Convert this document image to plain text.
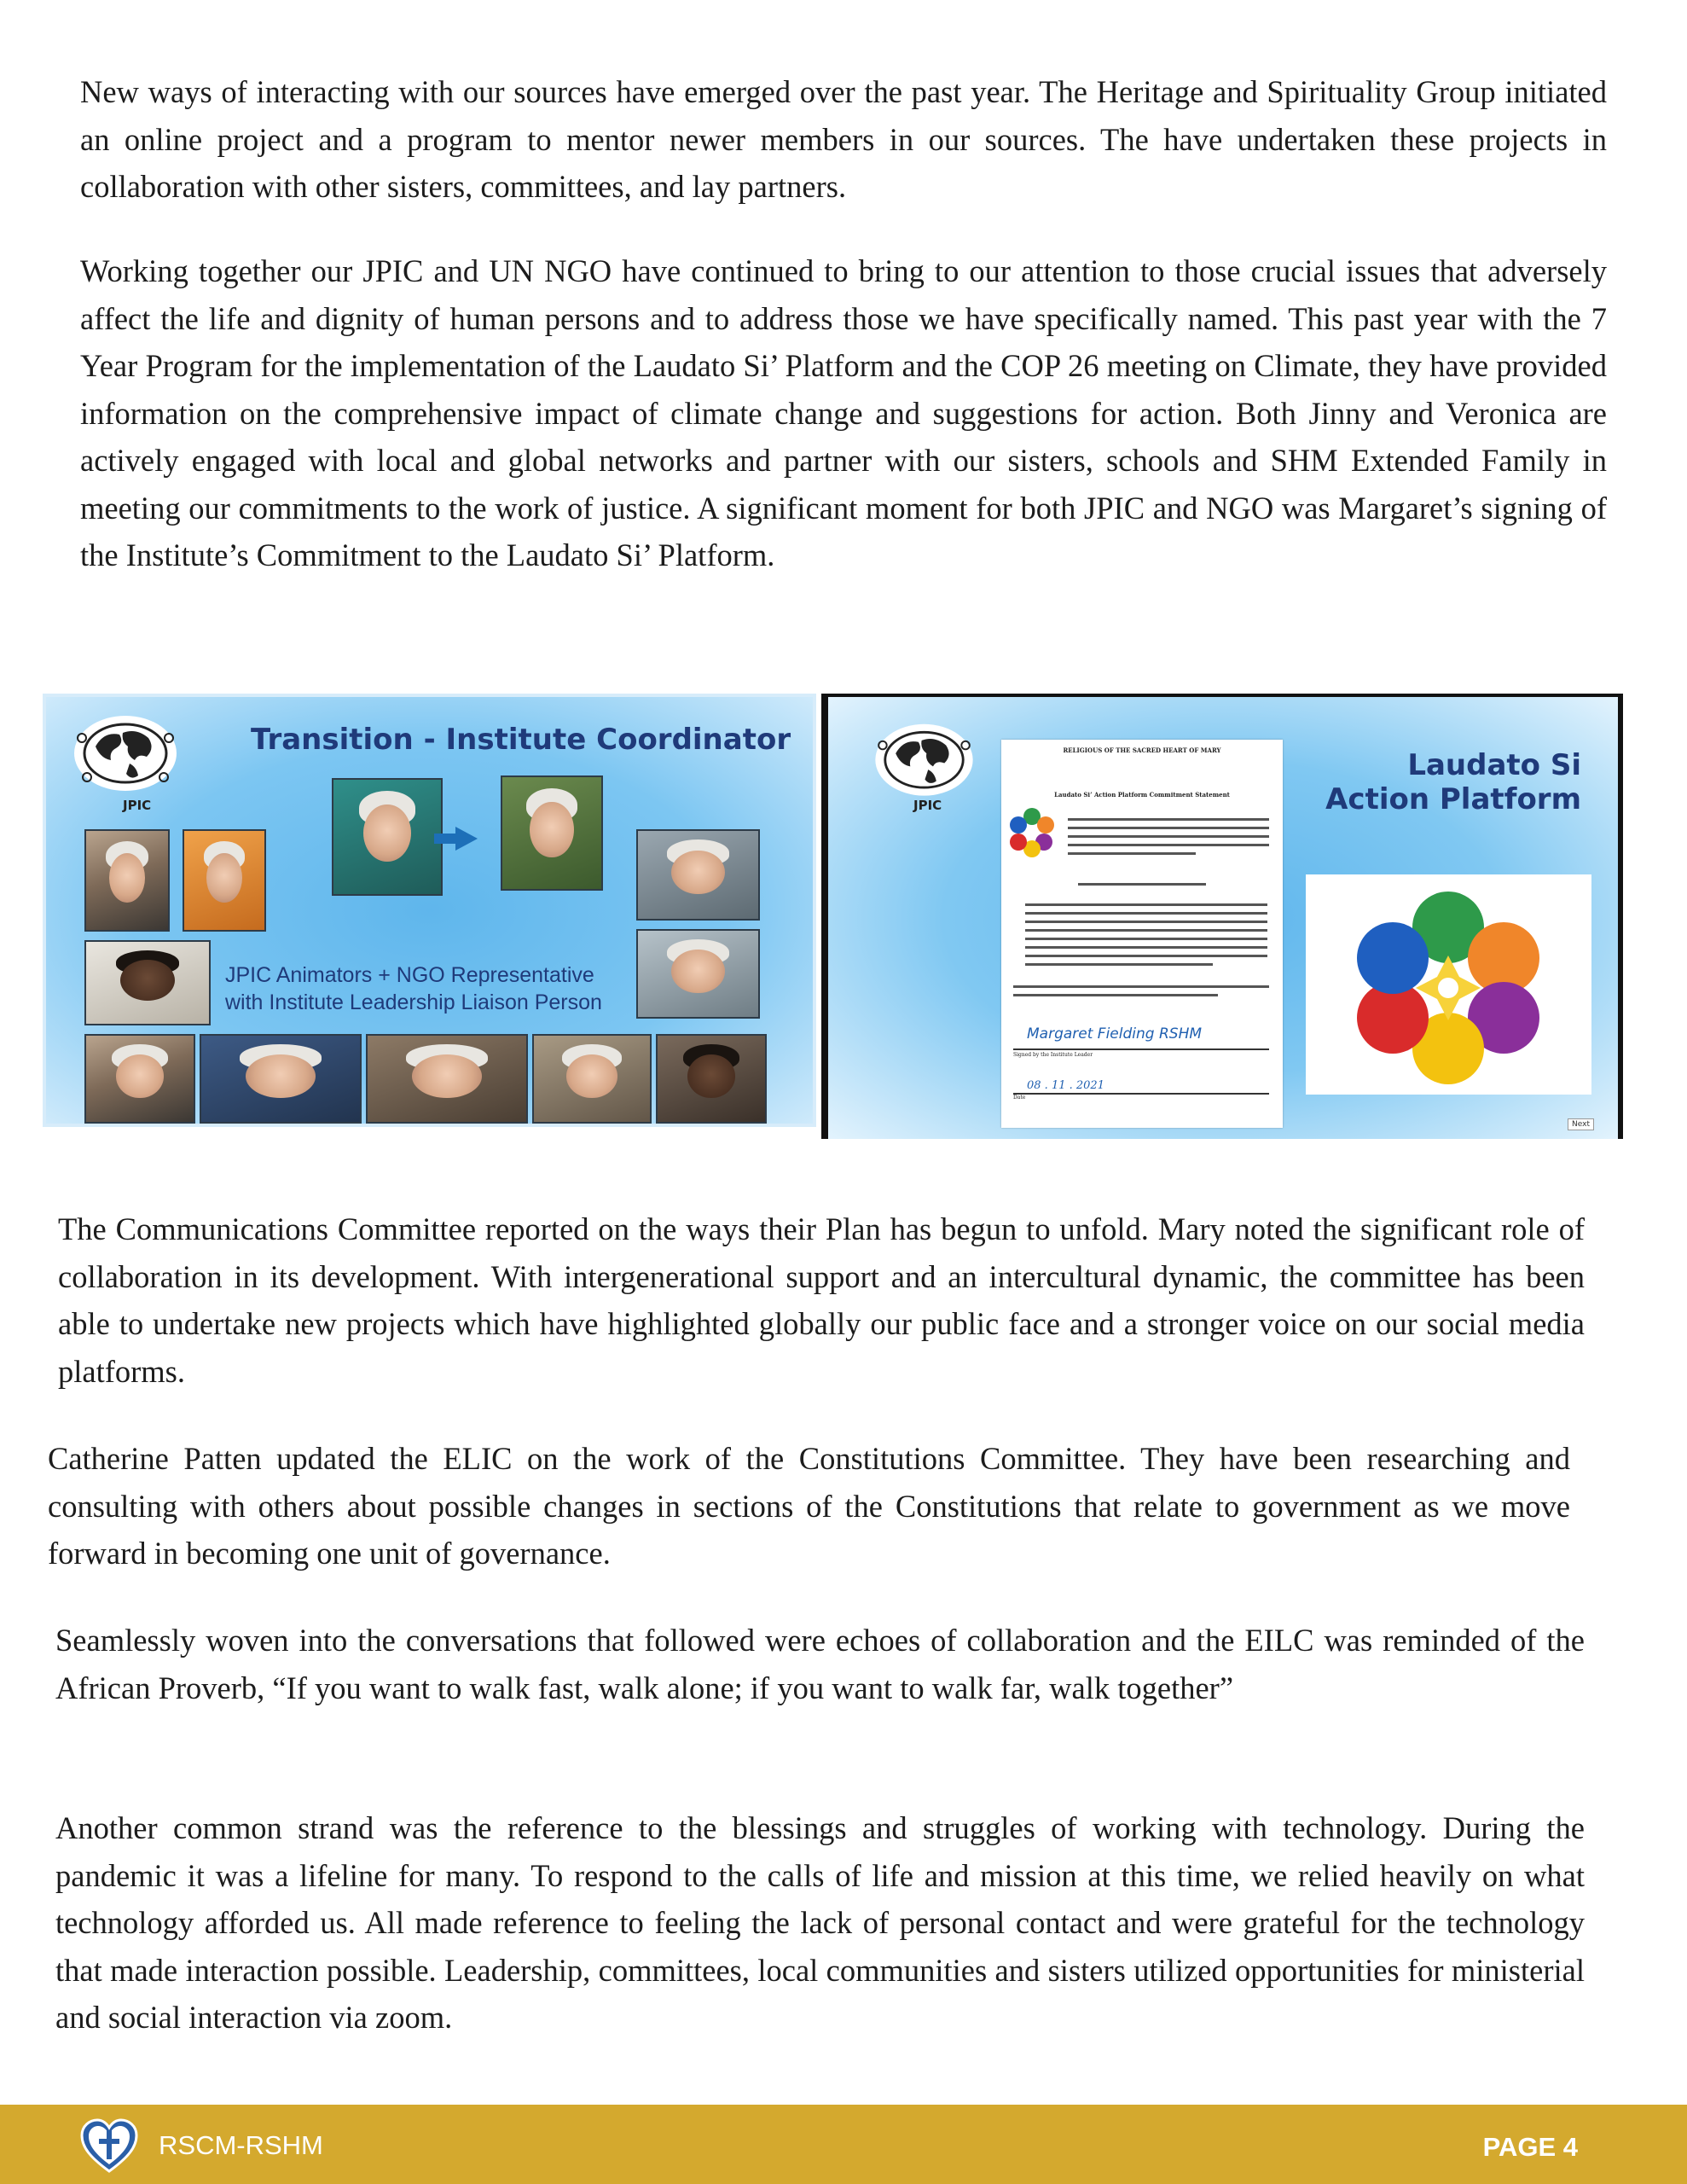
New ways of interacting with our sources have emerged over the past year. The Heritage and Spirituality Group initiated an online project and a program to mentor newer members in our sources. The have undertaken these projects in collaboration with other sisters, committees, and lay partners.

Working together our JPIC and UN NGO have continued to bring to our attention to those crucial issues that adversely affect the life and dignity of human persons and to address those we have specifically named. This past year with the 7 Year Program for the implementation of the Laudato Si’ Platform and the COP 26 meeting on Climate, they have provided information on the comprehensive impact of climate change and suggestions for action. Both Jinny and Veronica are actively engaged with local and global networks and partner with our sisters, schools and SHM Extended Family in meeting our commitments to the work of justice. A significant moment for both JPIC and NGO was Margaret’s signing of the Institute’s Commitment to the Laudato Si’ Platform.

JPIC
Transition - Institute Coordinator
JPIC Animators + NGO Representative
with Institute Leadership Liaison Person
JPIC
RELIGIOUS OF THE SACRED HEART OF MARY
Laudato Si’ Action Platform Commitment Statement
Margaret Fielding RSHM
Signed by the Institute Leader
08 . 11 . 2021
Date
Laudato Si Action Platform
Next

The Communications Committee reported on the ways their Plan has begun to unfold. Mary noted the significant role of collaboration in its development. With intergenerational support and an intercultural dynamic, the committee has been able to undertake new projects which have highlighted globally our public face and a stronger voice on our social media platforms.

Catherine Patten updated the ELIC on the work of the Constitutions Committee. They have been researching and consulting with others about possible changes in sections of the Constitutions that relate to government as we move forward in becoming one unit of governance.

Seamlessly woven into the conversations that followed were echoes of collaboration and the EILC was reminded of the African Proverb, “If you want to walk fast, walk alone; if you want to walk far, walk together”

Another common strand was the reference to the blessings and struggles of working with technology. During the pandemic it was a lifeline for many. To respond to the calls of life and mission at this time, we relied heavily on what technology afforded us. All made reference to feeling the lack of personal contact and were grateful for the technology that made interaction possible. Leadership, committees, local communities and sisters utilized opportunities for ministerial and social interaction via zoom.

RSCM-RSHM	PAGE 4
